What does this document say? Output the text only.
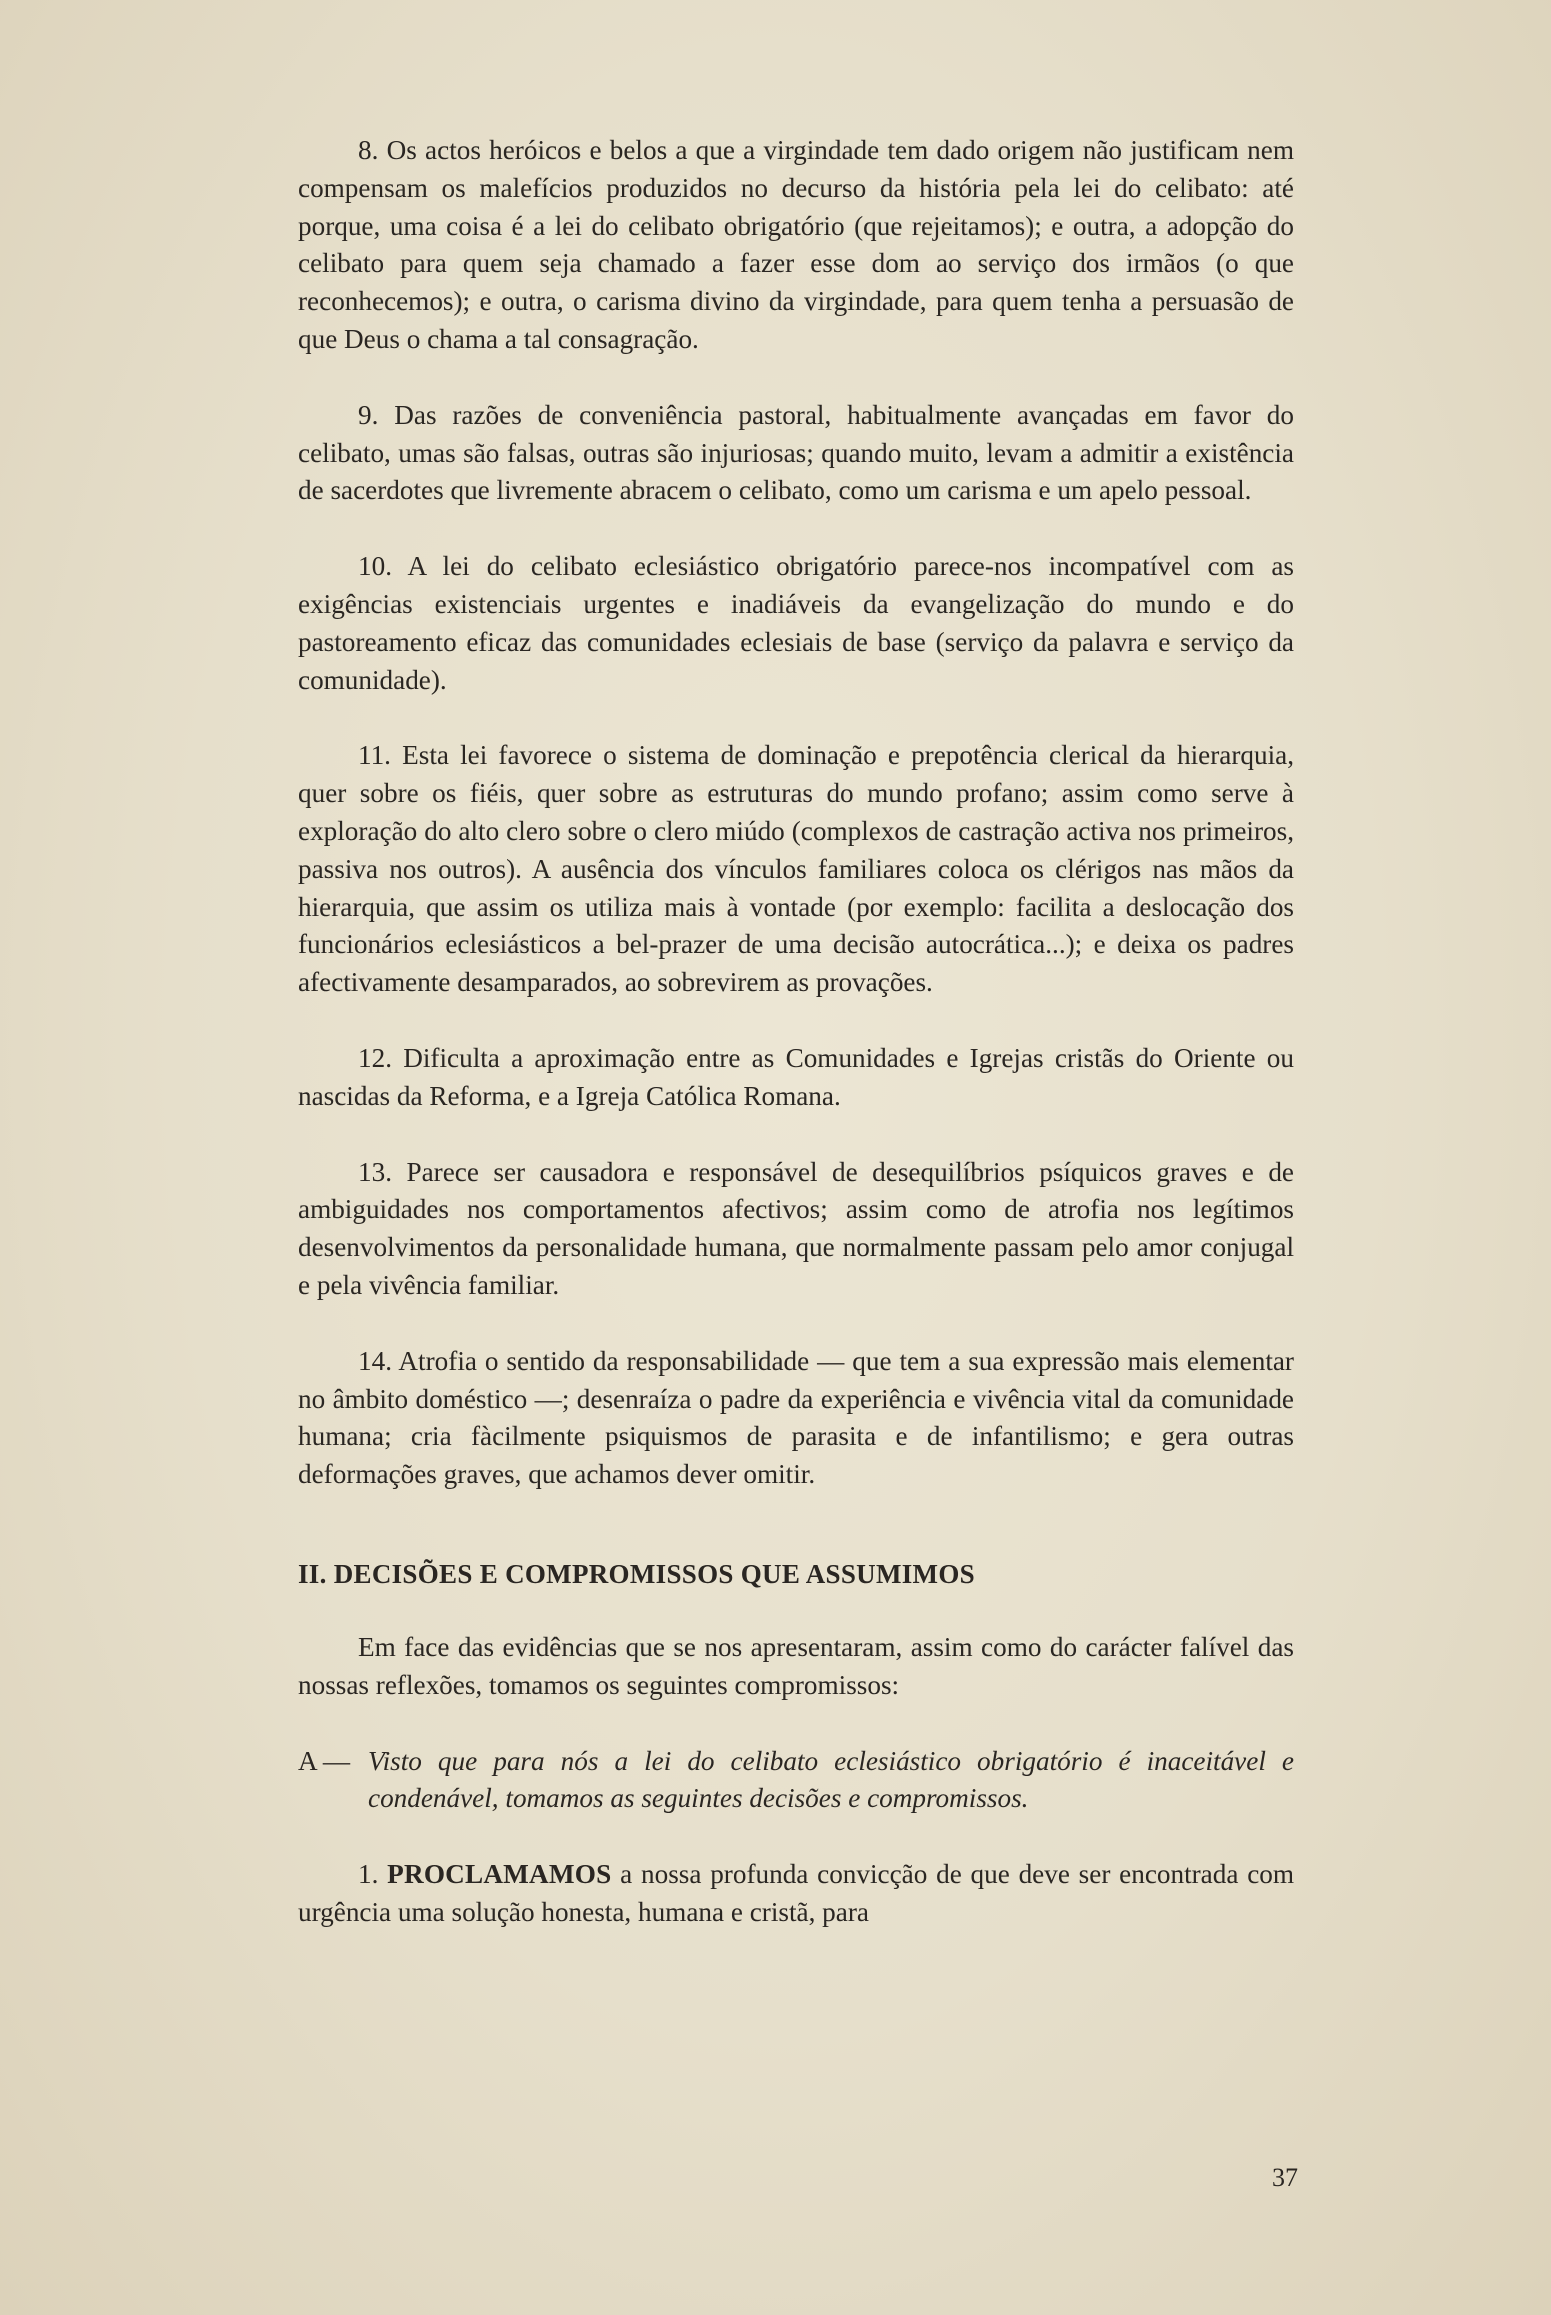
8. Os actos heróicos e belos a que a virgindade tem dado origem não justificam nem compensam os malefícios produzidos no decurso da história pela lei do celibato: até porque, uma coisa é a lei do celibato obrigatório (que rejeitamos); e outra, a adopção do celibato para quem seja chamado a fazer esse dom ao serviço dos irmãos (o que reconhecemos); e outra, o carisma divino da virgindade, para quem tenha a persuasão de que Deus o chama a tal consagração.

9. Das razões de conveniência pastoral, habitualmente avançadas em favor do celibato, umas são falsas, outras são injuriosas; quando muito, levam a admitir a existência de sacerdotes que livremente abracem o celibato, como um carisma e um apelo pessoal.

10. A lei do celibato eclesiástico obrigatório parece-nos incompatível com as exigências existenciais urgentes e inadiáveis da evangelização do mundo e do pastoreamento eficaz das comunidades eclesiais de base (serviço da palavra e serviço da comunidade).

11. Esta lei favorece o sistema de dominação e prepotência clerical da hierarquia, quer sobre os fiéis, quer sobre as estruturas do mundo profano; assim como serve à exploração do alto clero sobre o clero miúdo (complexos de castração activa nos primeiros, passiva nos outros). A ausência dos vínculos familiares coloca os clérigos nas mãos da hierarquia, que assim os utiliza mais à vontade (por exemplo: facilita a deslocação dos funcionários eclesiásticos a bel-prazer de uma decisão autocrática...); e deixa os padres afectivamente desamparados, ao sobrevirem as provações.

12. Dificulta a aproximação entre as Comunidades e Igrejas cristãs do Oriente ou nascidas da Reforma, e a Igreja Católica Romana.

13. Parece ser causadora e responsável de desequilíbrios psíquicos graves e de ambiguidades nos comportamentos afectivos; assim como de atrofia nos legítimos desenvolvimentos da personalidade humana, que normalmente passam pelo amor conjugal e pela vivência familiar.

14. Atrofia o sentido da responsabilidade — que tem a sua expressão mais elementar no âmbito doméstico —; desenraíza o padre da experiência e vivência vital da comunidade humana; cria fàcilmente psiquismos de parasita e de infantilismo; e gera outras deformações graves, que achamos dever omitir.

II. DECISÕES E COMPROMISSOS QUE ASSUMIMOS

Em face das evidências que se nos apresentaram, assim como do carácter falível das nossas reflexões, tomamos os seguintes compromissos:

A — Visto que para nós a lei do celibato eclesiástico obrigatório é inaceitável e condenável, tomamos as seguintes decisões e compromissos.

1. PROCLAMAMOS a nossa profunda convicção de que deve ser encontrada com urgência uma solução honesta, humana e cristã, para

37
